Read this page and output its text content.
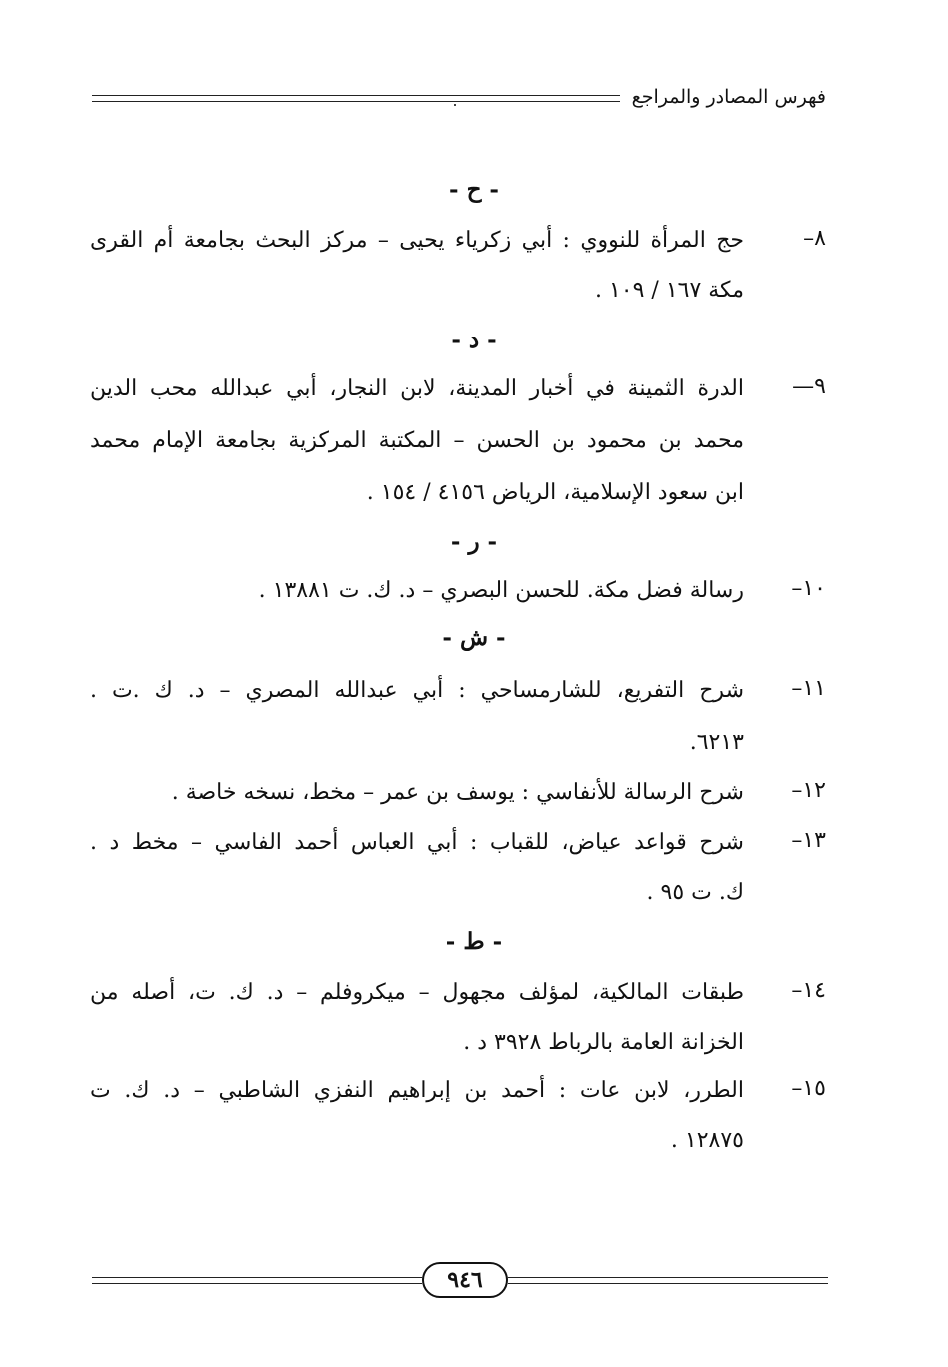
فهرس المصادر والمراجع
- ح -
٨–
حج المرأة للنووي : أبي زكرياء يحيى – مركز البحث بجامعة أم القرى
مكة ١٦٧ / ١٠٩ .
- د -
٩—
الدرة الثمينة في أخبار المدينة، لابن النجار، أبي عبدالله محب الدين
محمد بن محمود بن الحسن – المكتبة المركزية بجامعة الإمام محمد
ابن سعود الإسلامية، الرياض ٤١٥٦ / ١٥٤ .
- ر -
١٠–
رسالة فضل مكة. للحسن البصري – د. ك. ت ١٣٨٨١ .
- ش -
١١–
شرح التفريع، للشارمساحي : أبي عبدالله المصري – د. ك .ت .
٦٢١٣.
١٢–
شرح الرسالة للأنفاسي : يوسف بن عمر – مخط، نسخه خاصة .
١٣–
شرح قواعد عياض، للقباب : أبي العباس أحمد الفاسي – مخط د .
ك. ت ٩٥ .
- ط -
١٤–
طبقات المالكية، لمؤلف مجهول – ميكروفلم – د. ك. ت، أصله من
الخزانة العامة بالرباط ٣٩٢٨ د .
١٥–
الطرر، لابن عات : أحمد بن إبراهيم النفزي الشاطبي – د. ك. ت
١٢٨٧٥ .
٩٤٦
